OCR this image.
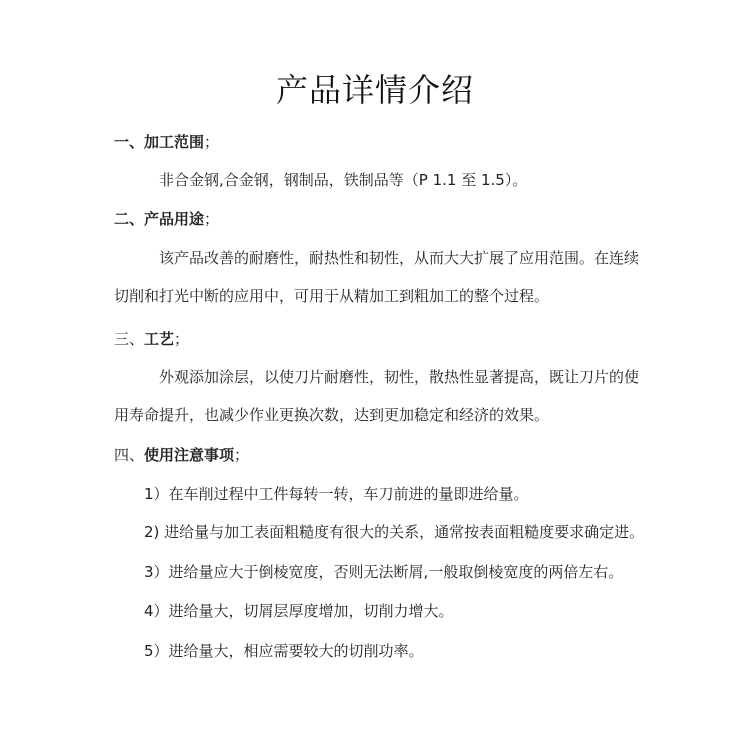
产品详情介绍
一、加工范围；
非合金钢,合金钢，钢制品，铁制品等（P 1.1 至 1.5）。
二、产品用途；
该产品改善的耐磨性，耐热性和韧性，从而大大扩展了应用范围。在连续切削和打光中断的应用中，可用于从精加工到粗加工的整个过程。
三、工艺；
外观添加涂层，以使刀片耐磨性，韧性，散热性显著提高，既让刀片的使用寿命提升，也减少作业更换次数，达到更加稳定和经济的效果。
四、使用注意事项；
1）在车削过程中工件每转一转，车刀前进的量即进给量。
2) 进给量与加工表面粗糙度有很大的关系，通常按表面粗糙度要求确定进。
3）进给量应大于倒棱宽度，否则无法断屑,一般取倒棱宽度的两倍左右。
4）进给量大，切屑层厚度增加，切削力增大。
5）进给量大，相应需要较大的切削功率。
